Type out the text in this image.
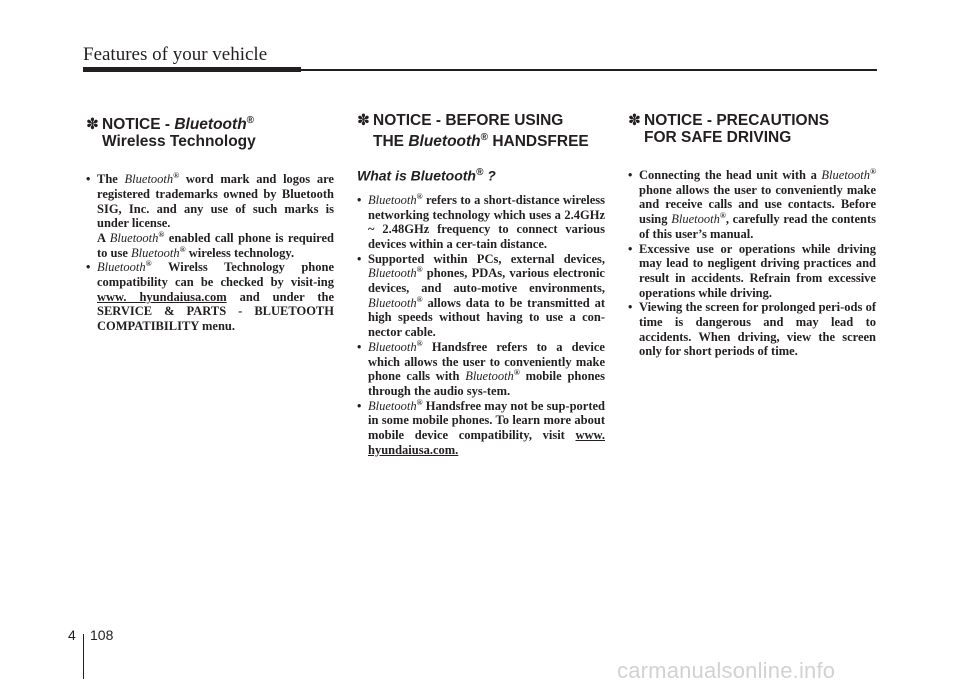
Features of your vehicle
✽ NOTICE - Bluetooth®
Wireless Technology
• The Bluetooth® word mark and logos are registered trademarks owned by Bluetooth SIG, Inc. and any use of such marks is under license.
A Bluetooth® enabled call phone is required to use Bluetooth® wireless technology.
• Bluetooth® Wirelss Technology phone compatibility can be checked by visit-ing www. hyundaiusa.com and under the SERVICE & PARTS - BLUETOOTH COMPATIBILITY menu.
✽ NOTICE - BEFORE USING
THE Bluetooth® HANDSFREE
What is Bluetooth® ?
• Bluetooth® refers to a short-distance wireless networking technology which uses a 2.4GHz ~ 2.48GHz frequency to connect various devices within a cer-tain distance.
• Supported within PCs, external devices, Bluetooth® phones, PDAs, various electronic devices, and auto-motive environments, Bluetooth® allows data to be transmitted at high speeds without having to use a con-nector cable.
• Bluetooth® Handsfree refers to a device which allows the user to conveniently make phone calls with Bluetooth® mobile phones through the audio sys-tem.
• Bluetooth® Handsfree may not be sup-ported in some mobile phones. To learn more about mobile device compatibility, visit www. hyundaiusa.com.
✽ NOTICE - PRECAUTIONS
FOR SAFE DRIVING
• Connecting the head unit with a Bluetooth® phone allows the user to conveniently make and receive calls and use contacts. Before using Bluetooth®, carefully read the contents of this user’s manual.
• Excessive use or operations while driving may lead to negligent driving practices and result in accidents. Refrain from excessive operations while driving.
• Viewing the screen for prolonged peri-ods of time is dangerous and may lead to accidents. When driving, view the screen only for short periods of time.
4 108
carmanualsonline.info
